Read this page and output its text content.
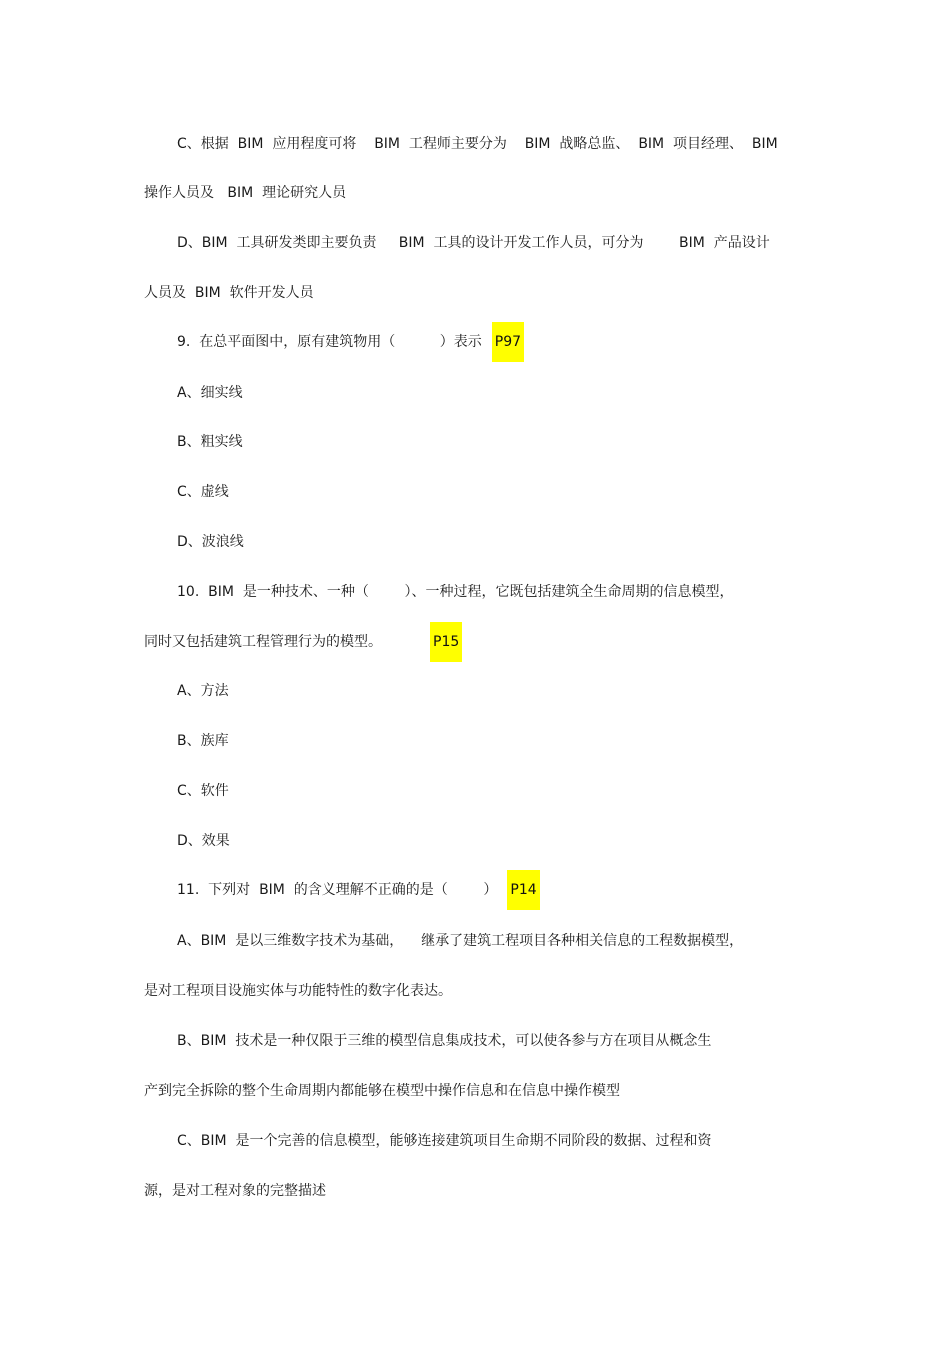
C、根据  BIM  应用程度可将    BIM  工程师主要分为    BIM  战略总监、  BIM  项目经理、  BIM
操作人员及   BIM  理论研究人员
D、BIM  工具研发类即主要负责     BIM  工具的设计开发工作人员，可分为        BIM  产品设计
人员及  BIM  软件开发人员
9.  在总平面图中，原有建筑物用（          ）表示 P97
A、细实线
B、粗实线
C、虚线
D、波浪线
10.  BIM  是一种技术、一种（        ）、一种过程，它既包括建筑全生命周期的信息模型，
同时又包括建筑工程管理行为的模型。	P15
A、方法
B、族库
C、软件
D、效果
11.  下列对  BIM  的含义理解不正确的是（        ） P14
A、BIM  是以三维数字技术为基础，    继承了建筑工程项目各种相关信息的工程数据模型，
是对工程项目设施实体与功能特性的数字化表达。
B、BIM  技术是一种仅限于三维的模型信息集成技术，可以使各参与方在项目从概念生
产到完全拆除的整个生命周期内都能够在模型中操作信息和在信息中操作模型
C、BIM  是一个完善的信息模型，能够连接建筑项目生命期不同阶段的数据、过程和资
源，是对工程对象的完整描述
